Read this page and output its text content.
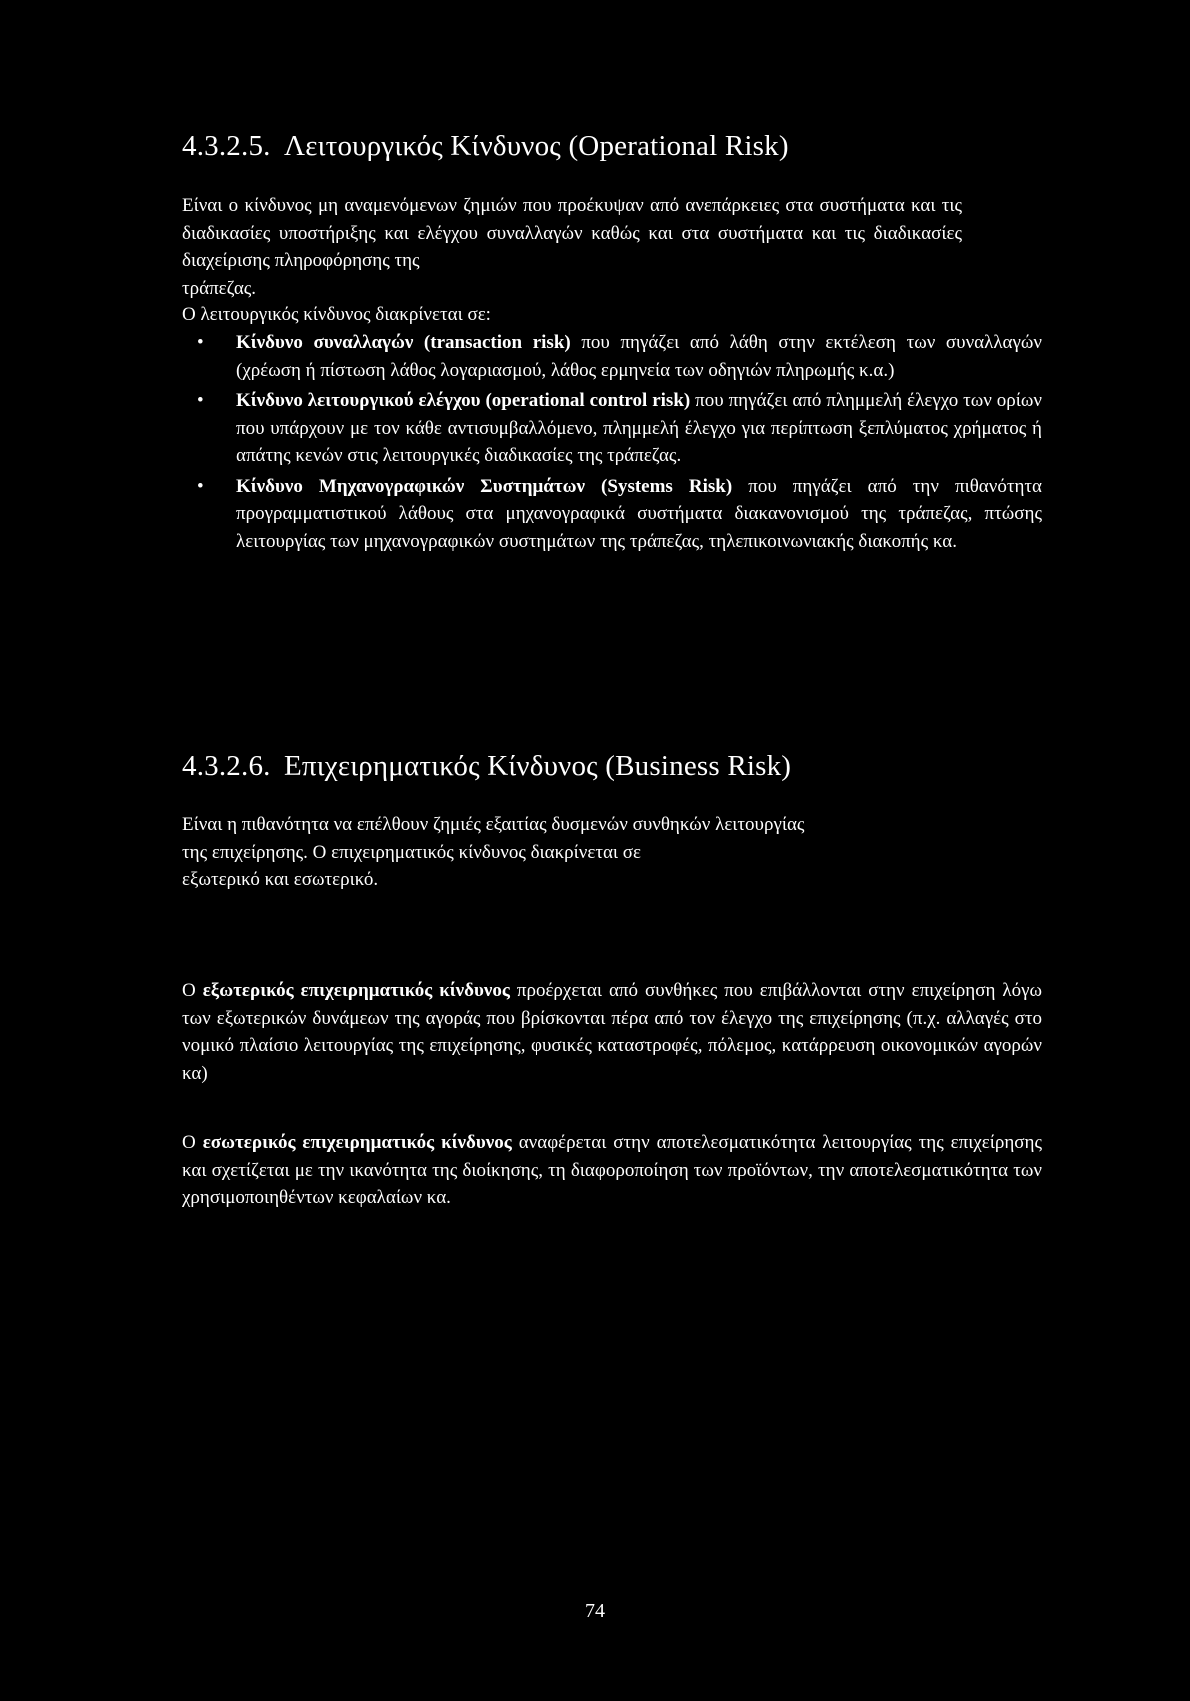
4.3.2.5. Λειτουργικός Κίνδυνος (Operational Risk)

Είναι ο κίνδυνος μη αναμενόμενων ζημιών που προέκυψαν από ανεπάρκειες στα συστήματα και τις διαδικασίες υποστήριξης και ελέγχου συναλλαγών καθώς και στα συστήματα και τις διαδικασίες διαχείρισης πληροφόρησης της
τράπεζας.

Ο λειτουργικός κίνδυνος διακρίνεται σε:

• Κίνδυνο συναλλαγών (transaction risk) που πηγάζει από λάθη στην εκτέλεση των συναλλαγών (χρέωση ή πίστωση λάθος λογαριασμού, λάθος ερμηνεία των οδηγιών πληρωμής κ.α.)
• Κίνδυνο λειτουργικού ελέγχου (operational control risk) που πηγάζει από πλημμελή έλεγχο των ορίων που υπάρχουν με τον κάθε αντισυμβαλλόμενο, πλημμελή έλεγχο για περίπτωση ξεπλύματος χρήματος ή απάτης κενών στις λειτουργικές διαδικασίες της τράπεζας.
• Κίνδυνο Μηχανογραφικών Συστημάτων (Systems Risk) που πηγάζει από την πιθανότητα προγραμματιστικού λάθους στα μηχανογραφικά συστήματα διακανονισμού της τράπεζας, πτώσης λειτουργίας των μηχανογραφικών συστημάτων της τράπεζας, τηλεπικοινωνιακής διακοπής κα.
4.3.2.6. Επιχειρηματικός Κίνδυνος (Business Risk)

Είναι η πιθανότητα να επέλθουν ζημιές εξαιτίας δυσμενών συνθηκών λειτουργίας
της επιχείρησης. Ο επιχειρηματικός κίνδυνος διακρίνεται σε
εξωτερικό και εσωτερικό.

Ο εξωτερικός επιχειρηματικός κίνδυνος προέρχεται από συνθήκες που επιβάλλονται στην επιχείρηση λόγω των εξωτερικών δυνάμεων της αγοράς που βρίσκονται πέρα από τον έλεγχο της επιχείρησης (π.χ. αλλαγές στο νομικό πλαίσιο λειτουργίας της επιχείρησης, φυσικές καταστροφές, πόλεμος, κατάρρευση οικονομικών αγορών κα)

Ο εσωτερικός επιχειρηματικός κίνδυνος αναφέρεται στην αποτελεσματικότητα λειτουργίας της επιχείρησης και σχετίζεται με την ικανότητα της διοίκησης, τη διαφοροποίηση των προϊόντων, την αποτελεσματικότητα των χρησιμοποιηθέντων κεφαλαίων κα.

74
